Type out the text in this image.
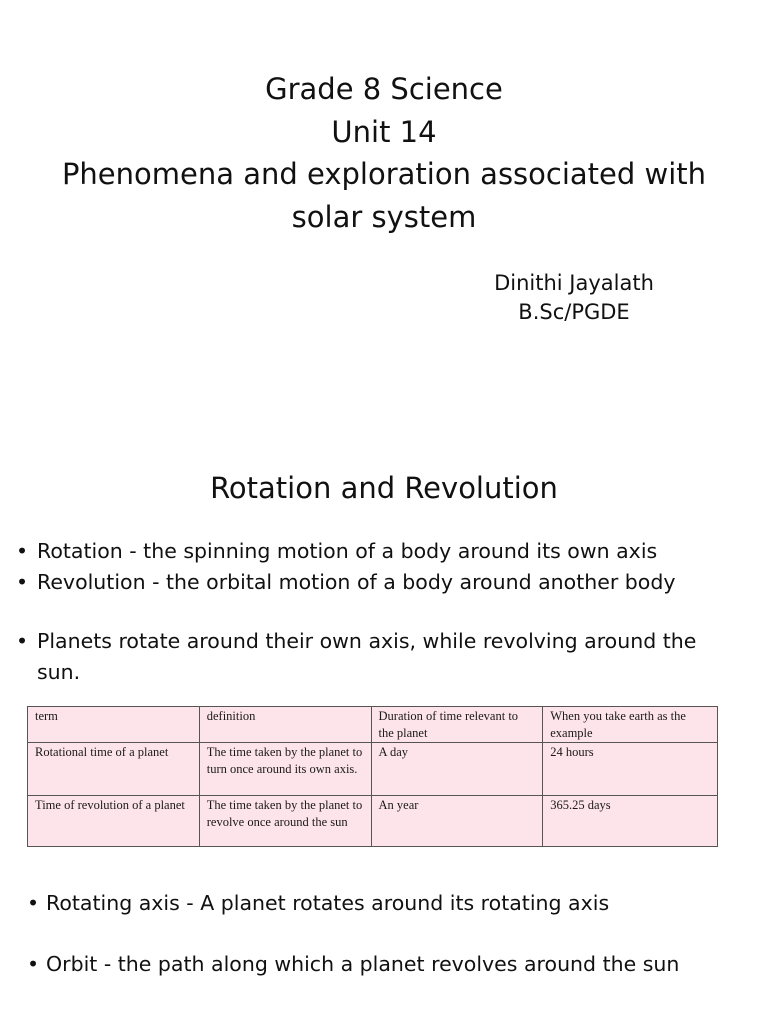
Grade 8 Science
Unit 14
Phenomena and exploration associated with solar system
Dinithi Jayalath
B.Sc/PGDE
Rotation and Revolution
• Rotation - the spinning motion of a body around its own axis
• Revolution - the orbital motion of a body around another body
• Planets rotate around their own axis, while revolving around the sun.
term	definition	Duration of time relevant to the planet	When you take earth as the example
Rotational time of a planet	The time taken by the planet to turn once around its own axis.	A day	24 hours
Time of revolution of a planet	The time taken by the planet to revolve once around the sun	An year	365.25 days
• Rotating axis - A planet rotates around its rotating axis
• Orbit - the path along which a planet revolves around the sun
